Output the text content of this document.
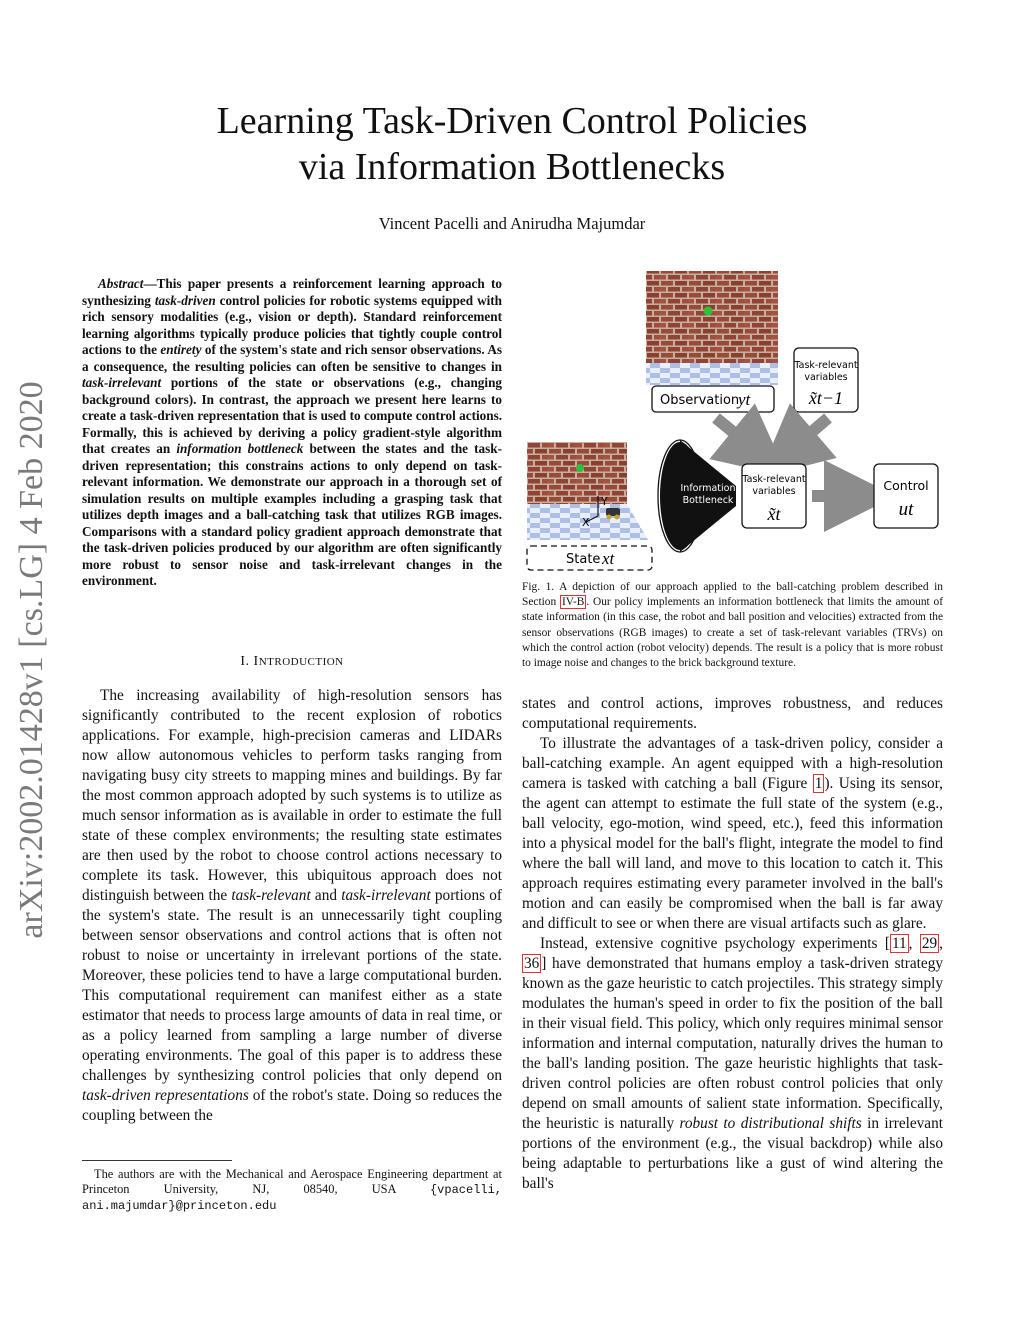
arXiv:2002.01428v1 [cs.LG] 4 Feb 2020
Learning Task-Driven Control Policies
via Information Bottlenecks
Vincent Pacelli and Anirudha Majumdar
Abstract—This paper presents a reinforcement learning approach to synthesizing task-driven control policies for robotic systems equipped with rich sensory modalities (e.g., vision or depth). Standard reinforcement learning algorithms typically produce policies that tightly couple control actions to the entirety of the system's state and rich sensor observations. As a consequence, the resulting policies can often be sensitive to changes in task-irrelevant portions of the state or observations (e.g., changing background colors). In contrast, the approach we present here learns to create a task-driven representation that is used to compute control actions. Formally, this is achieved by deriving a policy gradient-style algorithm that creates an information bottleneck between the states and the task-driven representation; this constrains actions to only depend on task-relevant information. We demonstrate our approach in a thorough set of simulation results on multiple examples including a grasping task that utilizes depth images and a ball-catching task that utilizes RGB images. Comparisons with a standard policy gradient approach demonstrate that the task-driven policies produced by our algorithm are often significantly more robust to sensor noise and task-irrelevant changes in the environment.
I. INTRODUCTION

The increasing availability of high-resolution sensors has significantly contributed to the recent explosion of robotics applications. For example, high-precision cameras and LIDARs now allow autonomous vehicles to perform tasks ranging from navigating busy city streets to mapping mines and buildings. By far the most common approach adopted by such systems is to utilize as much sensor information as is available in order to estimate the full state of these complex environments; the resulting state estimates are then used by the robot to choose control actions necessary to complete its task. However, this ubiquitous approach does not distinguish between the task-relevant and task-irrelevant portions of the system's state. The result is an unnecessarily tight coupling between sensor observations and control actions that is often not robust to noise or uncertainty in irrelevant portions of the state. Moreover, these policies tend to have a large computational burden. This computational requirement can manifest either as a state estimator that needs to process large amounts of data in real time, or as a policy learned from sampling a large number of diverse operating environments. The goal of this paper is to address these challenges by synthesizing control policies that only depend on task-driven representations of the robot's state. Doing so reduces the coupling between the

The authors are with the Mechanical and Aerospace Engineering department at Princeton University, NJ, 08540, USA {vpacelli, ani.majumdar}@princeton.edu
Observation
yt
Task-relevant variables
x̃t−1
Y
X
State xt
Information Bottleneck
Task-relevant variables
x̃t
Control
ut
Fig. 1. A depiction of our approach applied to the ball-catching problem described in Section IV-B . Our policy implements an information bottleneck that limits the amount of state information (in this case, the robot and ball position and velocities) extracted from the sensor observations (RGB images) to create a set of task-relevant variables (TRVs) on which the control action (robot velocity) depends. The result is a policy that is more robust to image noise and changes to the brick background texture.

states and control actions, improves robustness, and reduces computational requirements.

To illustrate the advantages of a task-driven policy, consider a ball-catching example. An agent equipped with a high-resolution camera is tasked with catching a ball (Figure 1 ). Using its sensor, the agent can attempt to estimate the full state of the system (e.g., ball velocity, ego-motion, wind speed, etc.), feed this information into a physical model for the ball's flight, integrate the model to find where the ball will land, and move to this location to catch it. This approach requires estimating every parameter involved in the ball's motion and can easily be compromised when the ball is far away and difficult to see or when there are visual artifacts such as glare.

Instead, extensive cognitive psychology experiments [ 11 , 29 , 36 ] have demonstrated that humans employ a task-driven strategy known as the gaze heuristic to catch projectiles. This strategy simply modulates the human's speed in order to fix the position of the ball in their visual field. This policy, which only requires minimal sensor information and internal computation, naturally drives the human to the ball's landing position. The gaze heuristic highlights that task-driven control policies are often robust control policies that only depend on small amounts of salient state information. Specifically, the heuristic is naturally robust to distributional shifts in irrelevant portions of the environment (e.g., the visual backdrop) while also being adaptable to perturbations like a gust of wind altering the ball's
